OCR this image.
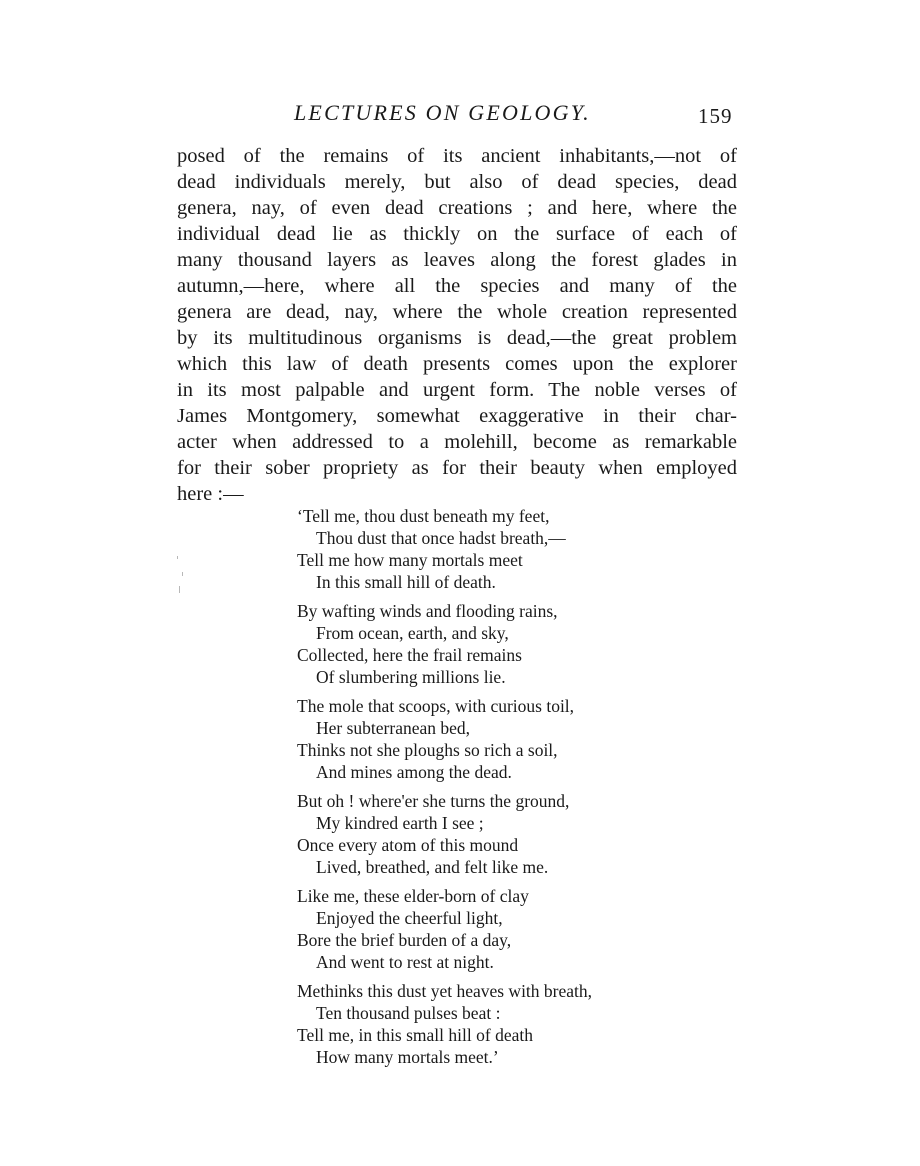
LECTURES ON GEOLOGY.	159
posed of the remains of its ancient inhabitants,—not of
dead individuals merely, but also of dead species, dead
genera, nay, of even dead creations ; and here, where the
individual dead lie as thickly on the surface of each of
many thousand layers as leaves along the forest glades in
autumn,—here, where all the species and many of the
genera are dead, nay, where the whole creation represented
by its multitudinous organisms is dead,—the great problem
which this law of death presents comes upon the explorer
in its most palpable and urgent form. The noble verses of
James Montgomery, somewhat exaggerative in their char-
acter when addressed to a molehill, become as remarkable
for their sober propriety as for their beauty when employed
here :—
‘Tell me, thou dust beneath my feet,
Thou dust that once hadst breath,—
Tell me how many mortals meet
In this small hill of death.
By wafting winds and flooding rains,
From ocean, earth, and sky,
Collected, here the frail remains
Of slumbering millions lie.
The mole that scoops, with curious toil,
Her subterranean bed,
Thinks not she ploughs so rich a soil,
And mines among the dead.
But oh ! where'er she turns the ground,
My kindred earth I see ;
Once every atom of this mound
Lived, breathed, and felt like me.
Like me, these elder-born of clay
Enjoyed the cheerful light,
Bore the brief burden of a day,
And went to rest at night.
Methinks this dust yet heaves with breath,
Ten thousand pulses beat :
Tell me, in this small hill of death
How many mortals meet.’
